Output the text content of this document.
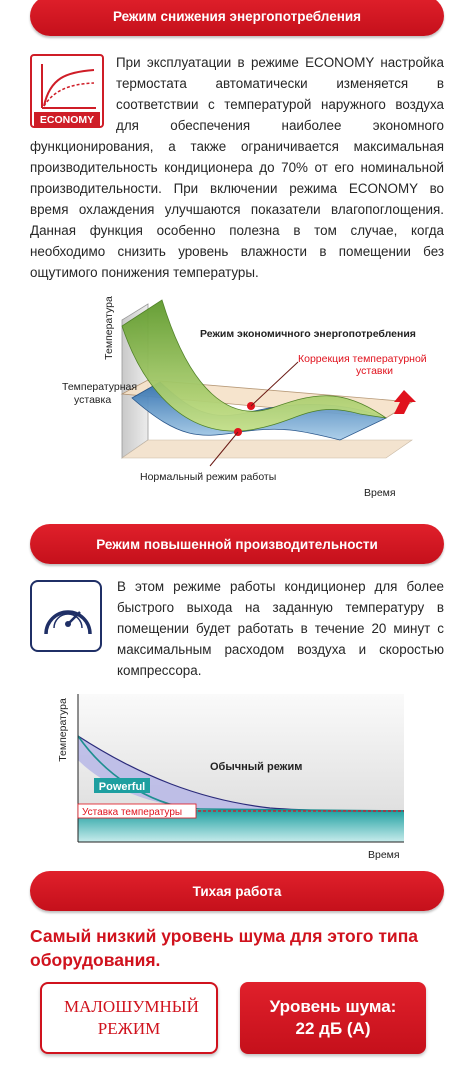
Режим снижения энергопотребления
ECONOMY
При эксплуатации в режиме ECONOMY настройка термостата автоматически изменяется в соответствии с температурой наружного воздуха для обеспечения наиболее экономного функционирования, а также ограничивается максимальная производительность кондиционера до 70% от его номинальной производительности. При включении режима ECONOMY во время охлаждения улучшаются показатели влагопоглощения. Данная функция особенно полезна в том случае, когда необходимо снизить уровень влажности в помещении без ощутимого понижения температуры.
Температура
Температурная уставка
Режим экономичного энергопотребления
Коррекция температурной уставки
Нормальный режим работы
Время
Режим повышенной производительности
В этом режиме работы кондиционер для более быстрого выхода на заданную температуру в помещении будет работать в течение 20 минут с максимальным расходом воздуха и скоростью компрессора.
Температура
Обычный режим
Powerful
Уставка температуры
Время
Тихая работа
Самый низкий уровень шума для этого типа оборудования.
МАЛОШУМНЫЙ РЕЖИМ
Уровень шума:
22 дБ (А)
